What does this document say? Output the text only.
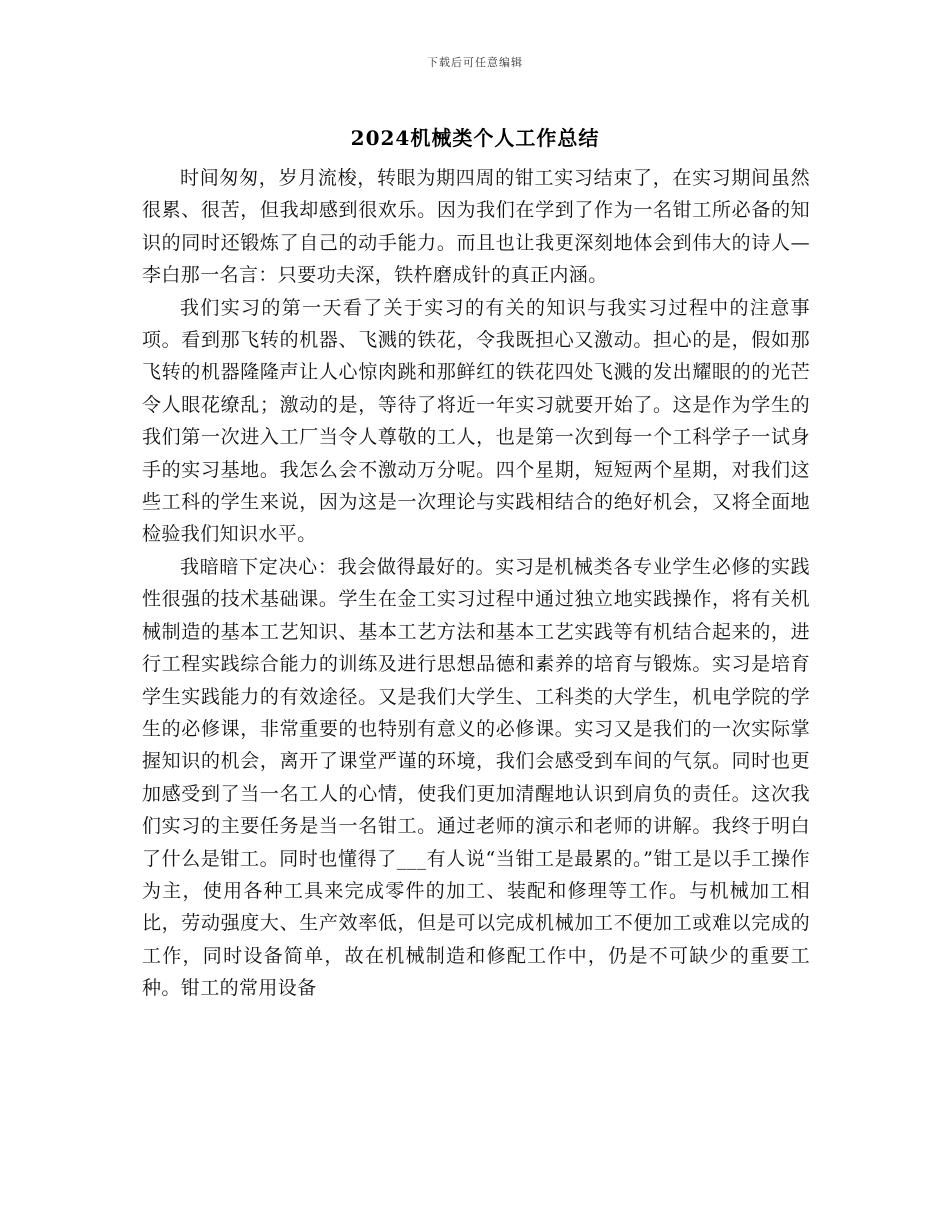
下载后可任意编辑
2024机械类个人工作总结

时间匆匆，岁月流梭，转眼为期四周的钳工实习结束了，在实习期间虽然很累、很苦，但我却感到很欢乐。因为我们在学到了作为一名钳工所必备的知识的同时还锻炼了自己的动手能力。而且也让我更深刻地体会到伟大的诗人—李白那一名言：只要功夫深，铁杵磨成针的真正内涵。

我们实习的第一天看了关于实习的有关的知识与我实习过程中的注意事项。看到那飞转的机器、飞溅的铁花，令我既担心又激动。担心的是，假如那飞转的机器隆隆声让人心惊肉跳和那鲜红的铁花四处飞溅的发出耀眼的的光芒令人眼花缭乱；激动的是，等待了将近一年实习就要开始了。这是作为学生的我们第一次进入工厂当令人尊敬的工人，也是第一次到每一个工科学子一试身手的实习基地。我怎么会不激动万分呢。四个星期，短短两个星期，对我们这些工科的学生来说，因为这是一次理论与实践相结合的绝好机会，又将全面地检验我们知识水平。

我暗暗下定决心：我会做得最好的。实习是机械类各专业学生必修的实践性很强的技术基础课。学生在金工实习过程中通过独立地实践操作，将有关机械制造的基本工艺知识、基本工艺方法和基本工艺实践等有机结合起来的，进行工程实践综合能力的训练及进行思想品德和素养的培育与锻炼。实习是培育学生实践能力的有效途径。又是我们大学生、工科类的大学生，机电学院的学生的必修课，非常重要的也特别有意义的必修课。实习又是我们的一次实际掌握知识的机会，离开了课堂严谨的环境，我们会感受到车间的气氛。同时也更加感受到了当一名工人的心情，使我们更加清醒地认识到肩负的责任。这次我们实习的主要任务是当一名钳工。通过老师的演示和老师的讲解。我终于明白了什么是钳工。同时也懂得了___有人说“当钳工是最累的。”钳工是以手工操作为主，使用各种工具来完成零件的加工、装配和修理等工作。与机械加工相比，劳动强度大、生产效率低，但是可以完成机械加工不便加工或难以完成的工作，同时设备简单，故在机械制造和修配工作中，仍是不可缺少的重要工种。钳工的常用设备
